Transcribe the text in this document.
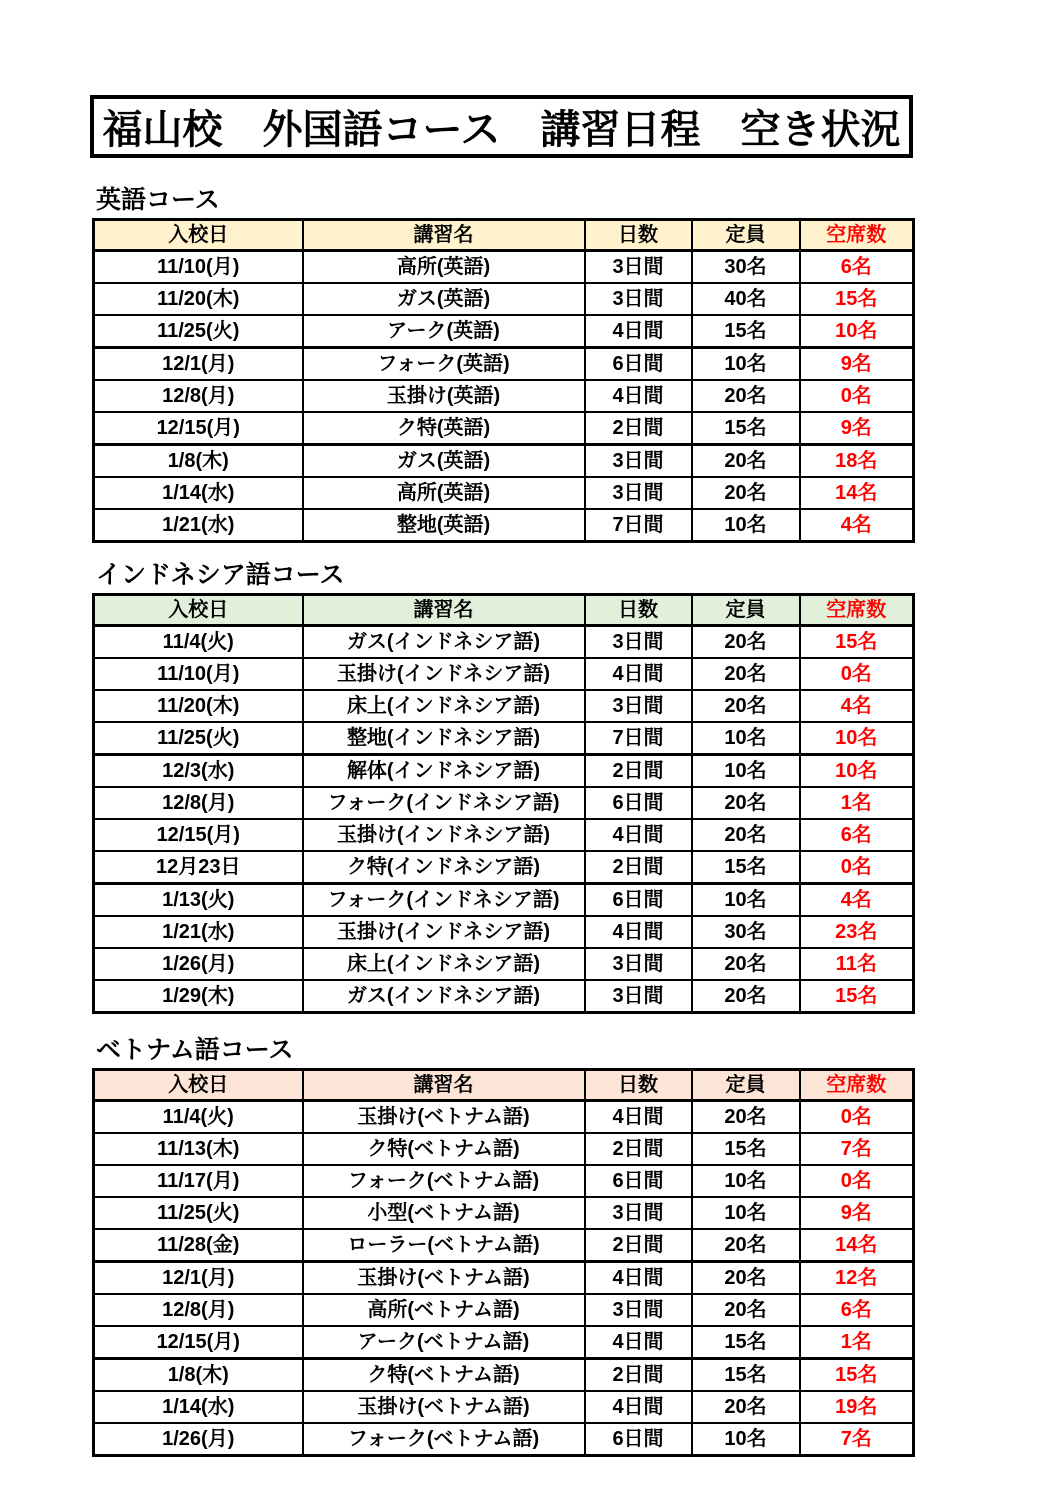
福山校　外国語コース　講習日程　空き状況
英語コース
入校日	講習名	日数	定員	空席数
11/10(月)	高所(英語)	3日間	30名	6名
11/20(木)	ガス(英語)	3日間	40名	15名
11/25(火)	アーク(英語)	4日間	15名	10名
12/1(月)	フォーク(英語)	6日間	10名	9名
12/8(月)	玉掛け(英語)	4日間	20名	0名
12/15(月)	ク特(英語)	2日間	15名	9名
1/8(木)	ガス(英語)	3日間	20名	18名
1/14(水)	高所(英語)	3日間	20名	14名
1/21(水)	整地(英語)	7日間	10名	4名
インドネシア語コース
入校日	講習名	日数	定員	空席数
11/4(火)	ガス(インドネシア語)	3日間	20名	15名
11/10(月)	玉掛け(インドネシア語)	4日間	20名	0名
11/20(木)	床上(インドネシア語)	3日間	20名	4名
11/25(火)	整地(インドネシア語)	7日間	10名	10名
12/3(水)	解体(インドネシア語)	2日間	10名	10名
12/8(月)	フォーク(インドネシア語)	6日間	20名	1名
12/15(月)	玉掛け(インドネシア語)	4日間	20名	6名
12月23日	ク特(インドネシア語)	2日間	15名	0名
1/13(火)	フォーク(インドネシア語)	6日間	10名	4名
1/21(水)	玉掛け(インドネシア語)	4日間	30名	23名
1/26(月)	床上(インドネシア語)	3日間	20名	11名
1/29(木)	ガス(インドネシア語)	3日間	20名	15名
ベトナム語コース
入校日	講習名	日数	定員	空席数
11/4(火)	玉掛け(ベトナム語)	4日間	20名	0名
11/13(木)	ク特(ベトナム語)	2日間	15名	7名
11/17(月)	フォーク(ベトナム語)	6日間	10名	0名
11/25(火)	小型(ベトナム語)	3日間	10名	9名
11/28(金)	ローラー(ベトナム語)	2日間	20名	14名
12/1(月)	玉掛け(ベトナム語)	4日間	20名	12名
12/8(月)	高所(ベトナム語)	3日間	20名	6名
12/15(月)	アーク(ベトナム語)	4日間	15名	1名
1/8(木)	ク特(ベトナム語)	2日間	15名	15名
1/14(水)	玉掛け(ベトナム語)	4日間	20名	19名
1/26(月)	フォーク(ベトナム語)	6日間	10名	7名
